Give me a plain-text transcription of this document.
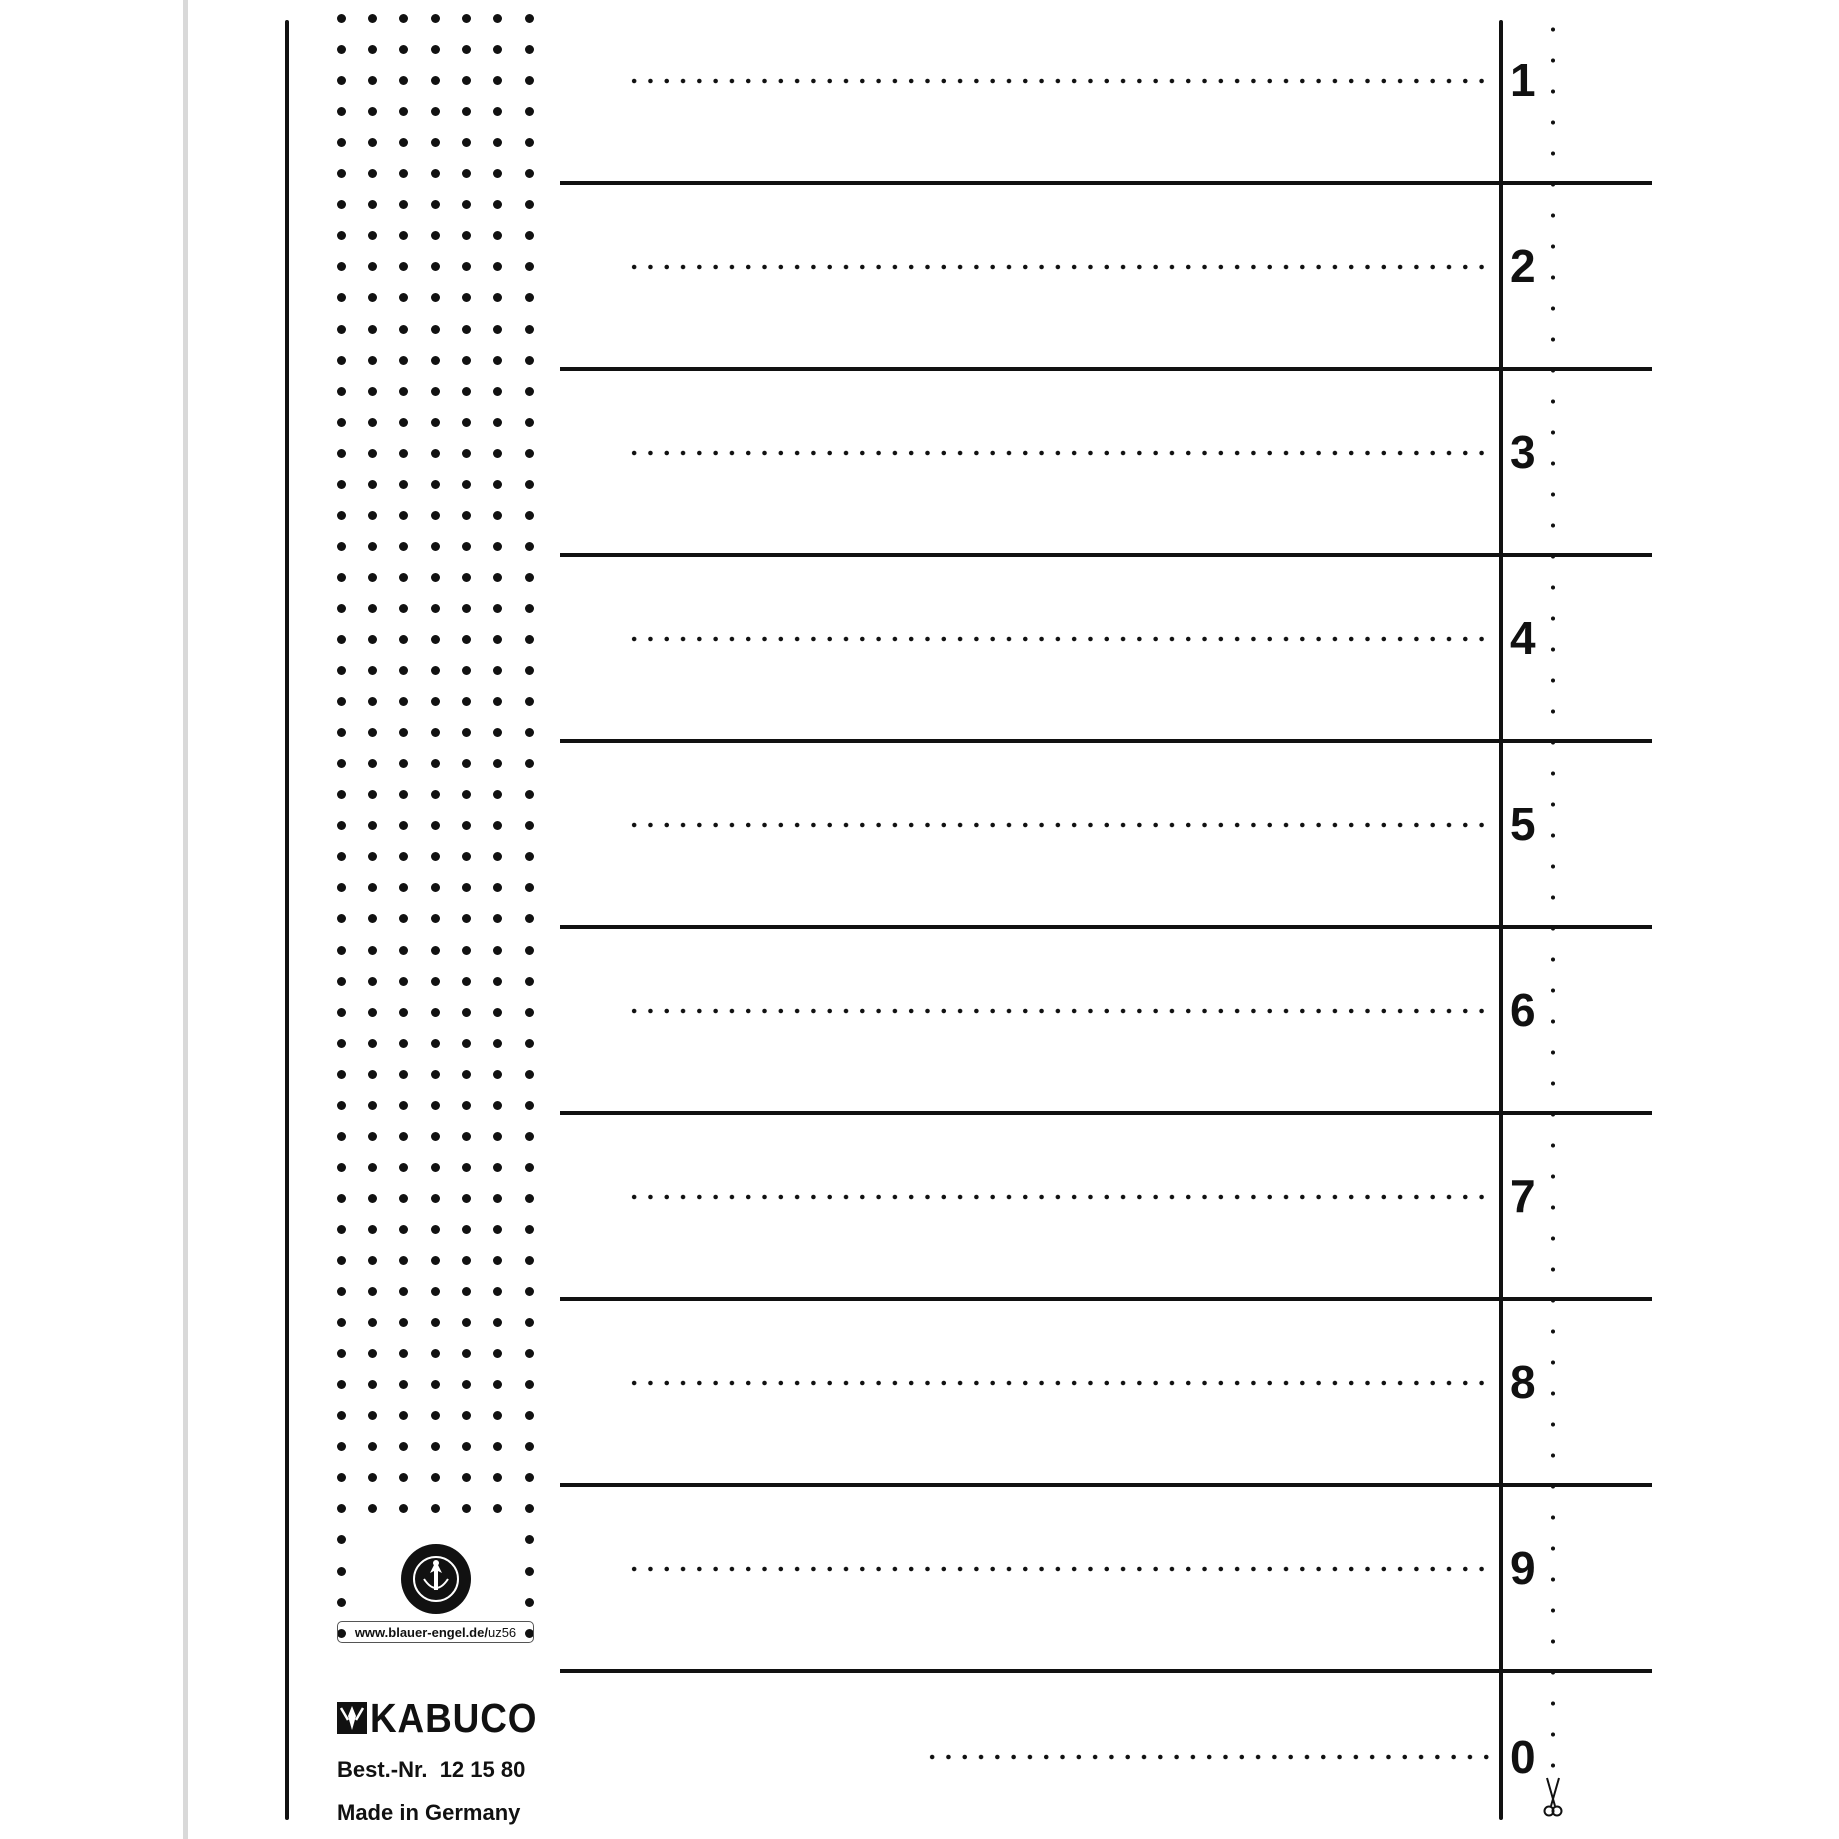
1
2
3
4
5
6
7
8
9
www.blauer-engel.de/uz56
KABUCO
Best.-Nr.  12 15 80
Made in Germany
0
